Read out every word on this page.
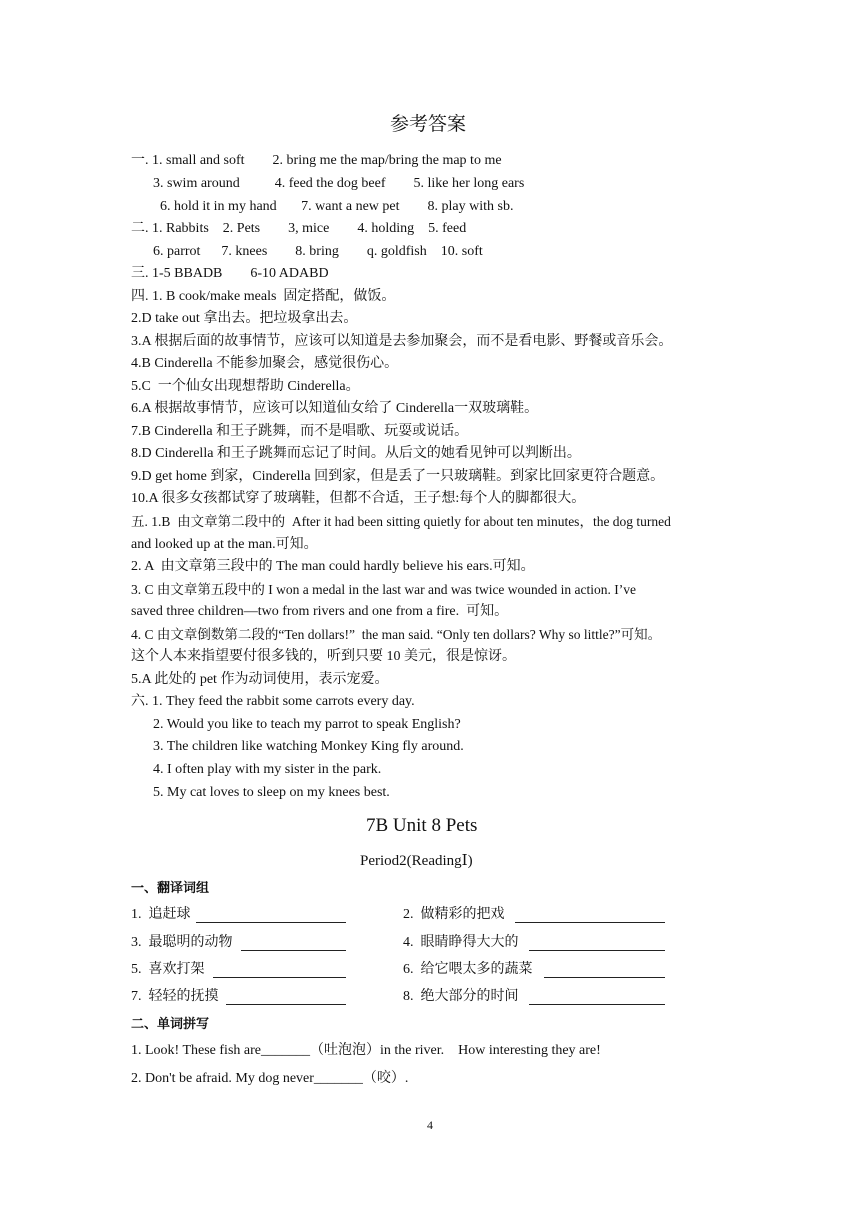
参考答案
一. 1. small and soft        2. bring me the map/bring the map to me
3. swim around          4. feed the dog beef        5. like her long ears
6. hold it in my hand       7. want a new pet        8. play with sb.
二. 1. Rabbits    2. Pets        3, mice        4. holding    5. feed
6. parrot      7. knees        8. bring        q. goldfish    10. soft
三. 1-5 BBADB        6-10 ADABD
四. 1. B cook/make meals  固定搭配，做饭。
2.D take out 拿出去。把垃圾拿出去。
3.A 根据后面的故事情节，应该可以知道是去参加聚会，而不是看电影、野餐或音乐会。
4.B Cinderella 不能参加聚会，感觉很伤心。
5.C  一个仙女出现想帮助 Cinderella。
6.A 根据故事情节，应该可以知道仙女给了 Cinderella一双玻璃鞋。
7.B Cinderella 和王子跳舞，而不是唱歌、玩耍或说话。
8.D Cinderella 和王子跳舞而忘记了时间。从后文的她看见钟可以判断出。
9.D get home 到家，Cinderella 回到家，但是丢了一只玻璃鞋。到家比回家更符合题意。
10.A 很多女孩都试穿了玻璃鞋，但都不合适，王子想:每个人的脚都很大。
五. 1.B  由文章第二段中的  After it had been sitting quietly for about ten minutes，the dog turned
and looked up at the man.可知。
2. A  由文章第三段中的 The man could hardly believe his ears.可知。
3. C 由文章第五段中的 I won a medal in the last war and was twice wounded in action. I’ve
saved three children—two from rivers and one from a fire.  可知。
4. C 由文章倒数第二段的“Ten dollars!”  the man said. “Only ten dollars? Why so little?”可知。
这个人本来指望要付很多钱的，听到只要 10 美元，很是惊讶。
5.A 此处的 pet 作为动词使用，表示宠爱。
六. 1. They feed the rabbit some carrots every day.
2. Would you like to teach my parrot to speak English?
3. The children like watching Monkey King fly around.
4. I often play with my sister in the park.
5. My cat loves to sleep on my knees best.
7B Unit 8 Pets
Period2(ReadingⅠ)
一、翻译词组
1.  追赶球	2.  做精彩的把戏
3.  最聪明的动物	4.  眼睛睁得大大的
5.  喜欢打架	6.  给它喂太多的蔬菜
7.  轻轻的抚摸	8.  绝大部分的时间
二、单词拼写
1. Look! These fish are_______（吐泡泡）in the river.    How interesting they are!
2. Don't be afraid. My dog never_______（咬）.
4
